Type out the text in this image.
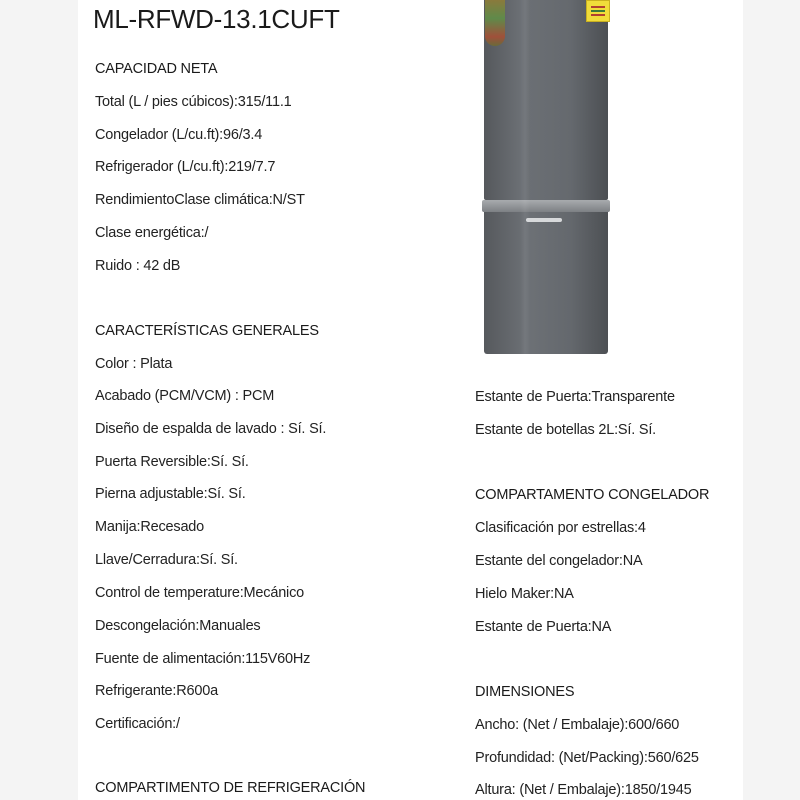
ML-RFWD-13.1CUFT
CAPACIDAD NETA
Total (L / pies cúbicos):315/11.1
Congelador (L/cu.ft):96/3.4
Refrigerador (L/cu.ft):219/7.7
RendimientoClase climática:N/ST
Clase energética:/
Ruido : 42 dB
CARACTERÍSTICAS GENERALES
Color : Plata
Acabado (PCM/VCM) : PCM
Diseño de espalda de lavado : Sí. Sí.
Puerta Reversible:Sí. Sí.
Pierna adjustable:Sí. Sí.
Manija:Recesado
Llave/Cerradura:Sí. Sí.
Control de temperature:Mecánico
Descongelación:Manuales
Fuente de alimentación:115V60Hz
Refrigerante:R600a
Certificación:/
COMPARTIMENTO DE REFRIGERACIÓN
Estante de Puerta:Transparente
Estante de botellas 2L:Sí. Sí.
COMPARTAMENTO CONGELADOR
Clasificación por estrellas:4
Estante del congelador:NA
Hielo Maker:NA
Estante de Puerta:NA
DIMENSIONES
Ancho: (Net / Embalaje):600/660
Profundidad: (Net/Packing):560/625
Altura: (Net / Embalaje):1850/1945
